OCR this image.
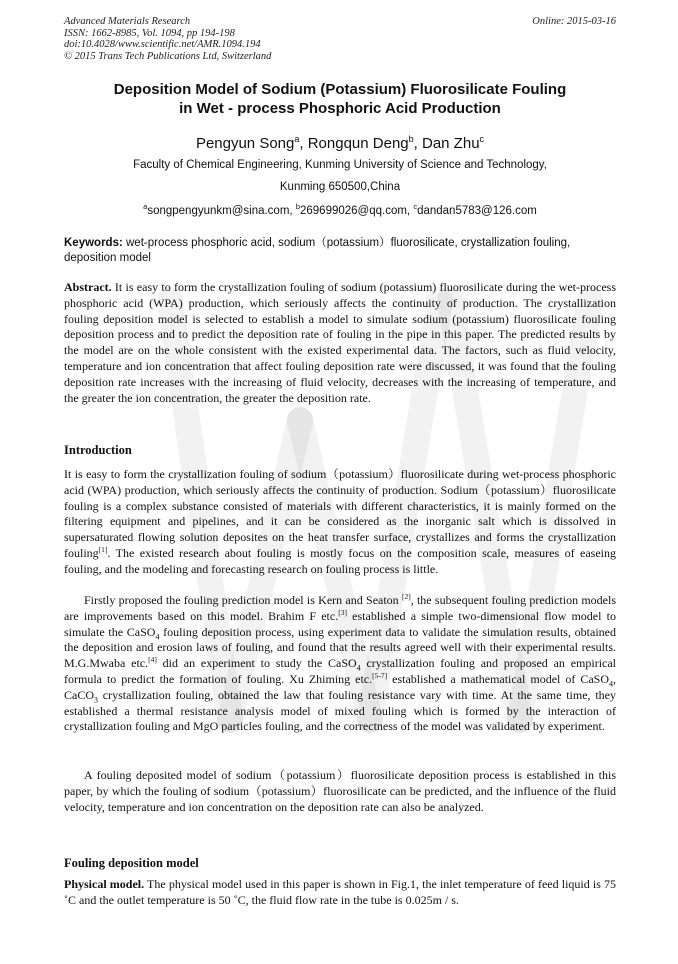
Advanced Materials Research
ISSN: 1662-8985, Vol. 1094, pp 194-198
doi:10.4028/www.scientific.net/AMR.1094.194
© 2015 Trans Tech Publications Ltd, Switzerland
Online: 2015-03-16
Deposition Model of Sodium (Potassium) Fluorosilicate Fouling
in Wet - process Phosphoric Acid Production
Pengyun Song$^a$, Rongqun Deng$^b$, Dan Zhu$^c$
Faculty of Chemical Engineering, Kunming University of Science and Technology,
Kunming 650500,China
$^a$songpengyunkm@sina.com, $^b$269699026@qq.com, $^c$dandan5783@126.com
Keywords: wet-process phosphoric acid, sodium（potassium）fluorosilicate, crystallization fouling, deposition model
Abstract. It is easy to form the crystallization fouling of sodium (potassium) fluorosilicate during the wet-process phosphoric acid (WPA) production, which seriously affects the continuity of production. The crystallization fouling deposition model is selected to establish a model to simulate sodium (potassium) fluorosilicate fouling deposition process and to predict the deposition rate of fouling in the pipe in this paper. The predicted results by the model are on the whole consistent with the existed experimental data. The factors, such as fluid velocity, temperature and ion concentration that affect fouling deposition rate were discussed, it was found that the fouling deposition rate increases with the increasing of fluid velocity, decreases with the increasing of temperature, and the greater the ion concentration, the greater the deposition rate.
Introduction
It is easy to form the crystallization fouling of sodium（potassium）fluorosilicate during wet-process phosphoric acid (WPA) production, which seriously affects the continuity of production. Sodium（potassium）fluorosilicate fouling is a complex substance consisted of materials with different characteristics, it is mainly formed on the filtering equipment and pipelines, and it can be considered as the inorganic salt which is dissolved in supersaturated flowing solution deposites on the heat transfer surface, crystallizes and forms the crystallization fouling[1]. The existed research about fouling is mostly focus on the composition scale, measures of easeing fouling, and the modeling and forecasting research on fouling process is little.
Firstly proposed the fouling prediction model is Kern and Seaton [2], the subsequent fouling prediction models are improvements based on this model. Brahim F etc.[3] established a simple two-dimensional flow model to simulate the CaSO$_4$ fouling deposition process, using experiment data to validate the simulation results, obtained the deposition and erosion laws of fouling, and found that the results agreed well with their experimental results. M.G.Mwaba etc.[4] did an experiment to study the CaSO$_4$ crystallization fouling and proposed an empirical formula to predict the formation of fouling. Xu Zhiming etc.[5-7] established a mathematical model of CaSO$_4$, CaCO$_3$ crystallization fouling, obtained the law that fouling resistance vary with time. At the same time, they established a thermal resistance analysis model of mixed fouling which is formed by the interaction of crystallization fouling and MgO particles fouling, and the correctness of the model was validated by experiment.
A fouling deposited model of sodium（potassium）fluorosilicate deposition process is established in this paper, by which the fouling of sodium（potassium）fluorosilicate can be predicted, and the influence of the fluid velocity, temperature and ion concentration on the deposition rate can also be analyzed.
Fouling deposition model
Physical model. The physical model used in this paper is shown in Fig.1, the inlet temperature of feed liquid is 75 ˚C and the outlet temperature is 50 ˚C, the fluid flow rate in the tube is 0.025m / s.
